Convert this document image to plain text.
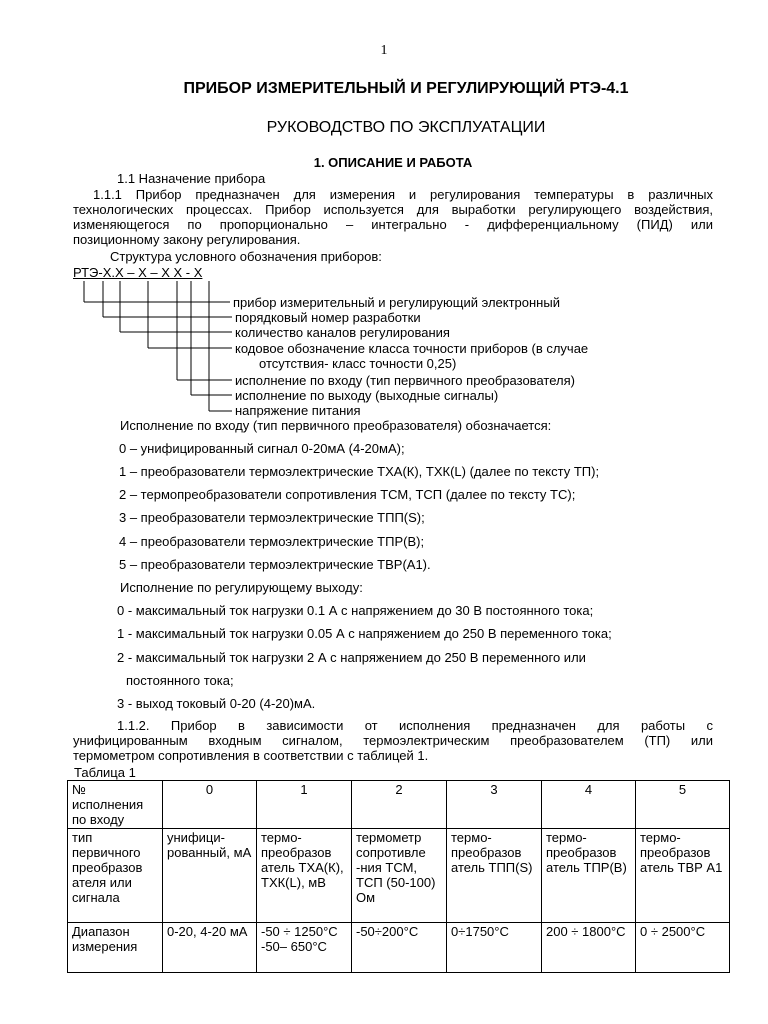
1
ПРИБОР ИЗМЕРИТЕЛЬНЫЙ И РЕГУЛИРУЮЩИЙ РТЭ-4.1
РУКОВОДСТВО ПО ЭКСПЛУАТАЦИИ
1. ОПИСАНИЕ И РАБОТА
1.1 Назначение прибора
1.1.1 Прибор предназначен для измерения и регулирования температуры в различных
технологических процессах. Прибор используется для выработки регулирующего воздействия,
изменяющегося по пропорционально – интегрально - дифференциальному (ПИД) или
позиционному закону регулирования.
Структура условного обозначения приборов:
РТЭ-Х.Х – Х – Х Х - Х
прибор измерительный и регулирующий электронный
порядковый номер разработки
количество каналов регулирования
кодовое обозначение класса точности приборов (в случае
отсутствия- класс точности 0,25)
исполнение по входу (тип первичного преобразователя)
исполнение по выходу (выходные сигналы)
напряжение питания
Исполнение по входу (тип первичного преобразователя) обозначается:
0 – унифицированный сигнал 0-20мА (4-20мА);
1 – преобразователи термоэлектрические ТХА(К), ТХК(L) (далее по тексту ТП);
2 – термопреобразователи сопротивления ТСМ, ТСП (далее по тексту ТС);
3 – преобразователи термоэлектрические ТПП(S);
4 – преобразователи термоэлектрические ТПР(В);
5 – преобразователи термоэлектрические ТВР(А1).
Исполнение по регулирующему выходу:
0 - максимальный ток нагрузки 0.1 А с напряжением до 30 В постоянного тока;
1 - максимальный ток нагрузки 0.05 А с напряжением до 250 В переменного тока;
2 - максимальный ток нагрузки 2 А с напряжением до 250 В переменного или
постоянного тока;
3 - выход токовый 0-20 (4-20)мА.
1.1.2. Прибор в зависимости от исполнения предназначен для работы с
унифицированным входным сигналом, термоэлектрическим преобразователем (ТП) или
термометром сопротивления в соответствии с таблицей 1.
Таблица 1
№ исполнения по входу	0	1	2	3	4	5
тип первичного преобразов ателя или сигнала	унифици-рованный, мА	термо-преобразов атель ТХА(К), ТХК(L), мВ	термометр сопротивле -ния ТСМ, ТСП (50-100) Ом	термо-преобразов атель ТПП(S)	термо-преобразов атель ТПР(В)	термо-преобразов атель ТВР А1
Диапазон измерения	0-20, 4-20 мА	-50 ÷ 1250°С -50– 650°С	-50÷200°С	0÷1750°С	200 ÷ 1800°С	0 ÷ 2500°С
